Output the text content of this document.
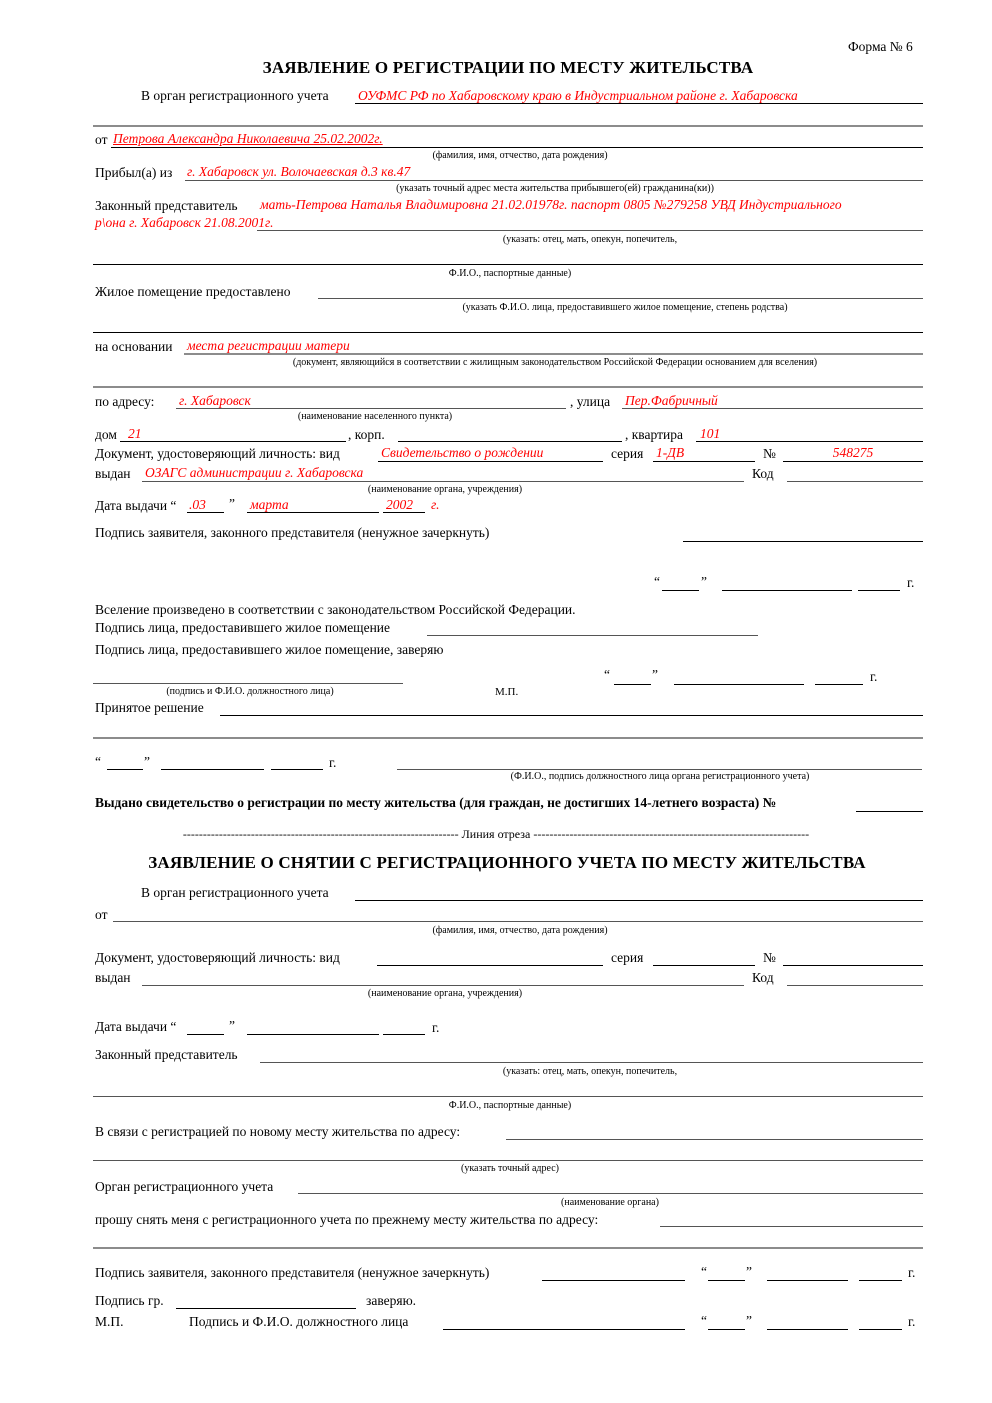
Форма № 6
ЗАЯВЛЕНИЕ О РЕГИСТРАЦИИ ПО МЕСТУ ЖИТЕЛЬСТВА
В орган регистрационного учета ОУФМС РФ по Хабаровскому краю в Индустриальном районе г. Хабаровска
от Петрова Александра Николаевича 25.02.2002г.
(фамилия, имя, отчество, дата рождения)
Прибыл(а) из г. Хабаровск ул. Волочаевская д.3 кв.47
(указать точный адрес места жительства прибывшего(ей) гражданина(ки))
Законный представитель мать-Петрова Наталья Владимировна 21.02.01978г. паспорт 0805 №279258 УВД Индустриального
р\она г. Хабаровск 21.08.2001г.
(указать: отец, мать, опекун, попечитель,
Ф.И.О., паспортные данные)
Жилое помещение предоставлено
(указать Ф.И.О. лица, предоставившего жилое помещение, степень родства)
на основании места регистрации матери
(документ, являющийся в соответствии с жилищным законодательством Российской Федерации основанием для вселения)
по адресу: г. Хабаровск
(наименование населенного пункта)
, улица Пер.Фабричный
дом 21	, корп.	, квартира 101
Документ, удостоверяющий личность: вид	Свидетельство о рождении	серия 1-ДВ	№	548275
выдан ОЗАГС администрации г. Хабаровска
(наименование органа, учреждения)
Код
Дата выдачи “ .03 ” марта	2002 г.
Подпись заявителя, законного представителя (ненужное зачеркнуть)
“	”	г.
Вселение произведено в соответствии с законодательством Российской Федерации.
Подпись лица, предоставившего жилое помещение
Подпись лица, предоставившего жилое помещение, заверяю
(подпись и Ф.И.О. должностного лица)	М.П.
“	”	г.
Принятое решение
“	”	г.
(Ф.И.О., подпись должностного лица органа регистрационного учета)
Выдано свидетельство о регистрации по месту жительства (для граждан, не достигших 14-летнего возраста) №
--------------------------------------------------------------------- Линия отреза ---------------------------------------------------------------------
ЗАЯВЛЕНИЕ О СНЯТИИ С РЕГИСТРАЦИОННОГО УЧЕТА ПО МЕСТУ ЖИТЕЛЬСТВА
В орган регистрационного учета
от
(фамилия, имя, отчество, дата рождения)
Документ, удостоверяющий личность: вид	серия	№
выдан	Код
(наименование органа, учреждения)
Дата выдачи “	”	г.
Законный представитель
(указать: отец, мать, опекун, попечитель,
Ф.И.О., паспортные данные)
В связи с регистрацией по новому месту жительства по адресу:
(указать точный адрес)
Орган регистрационного учета
(наименование органа)
прошу снять меня с регистрационного учета по прежнему месту жительства по адресу:
Подпись заявителя, законного представителя (ненужное зачеркнуть)	“	”	г.
Подпись гр.	заверяю.
М.П.	Подпись и Ф.И.О. должностного лица	“	”	г.
